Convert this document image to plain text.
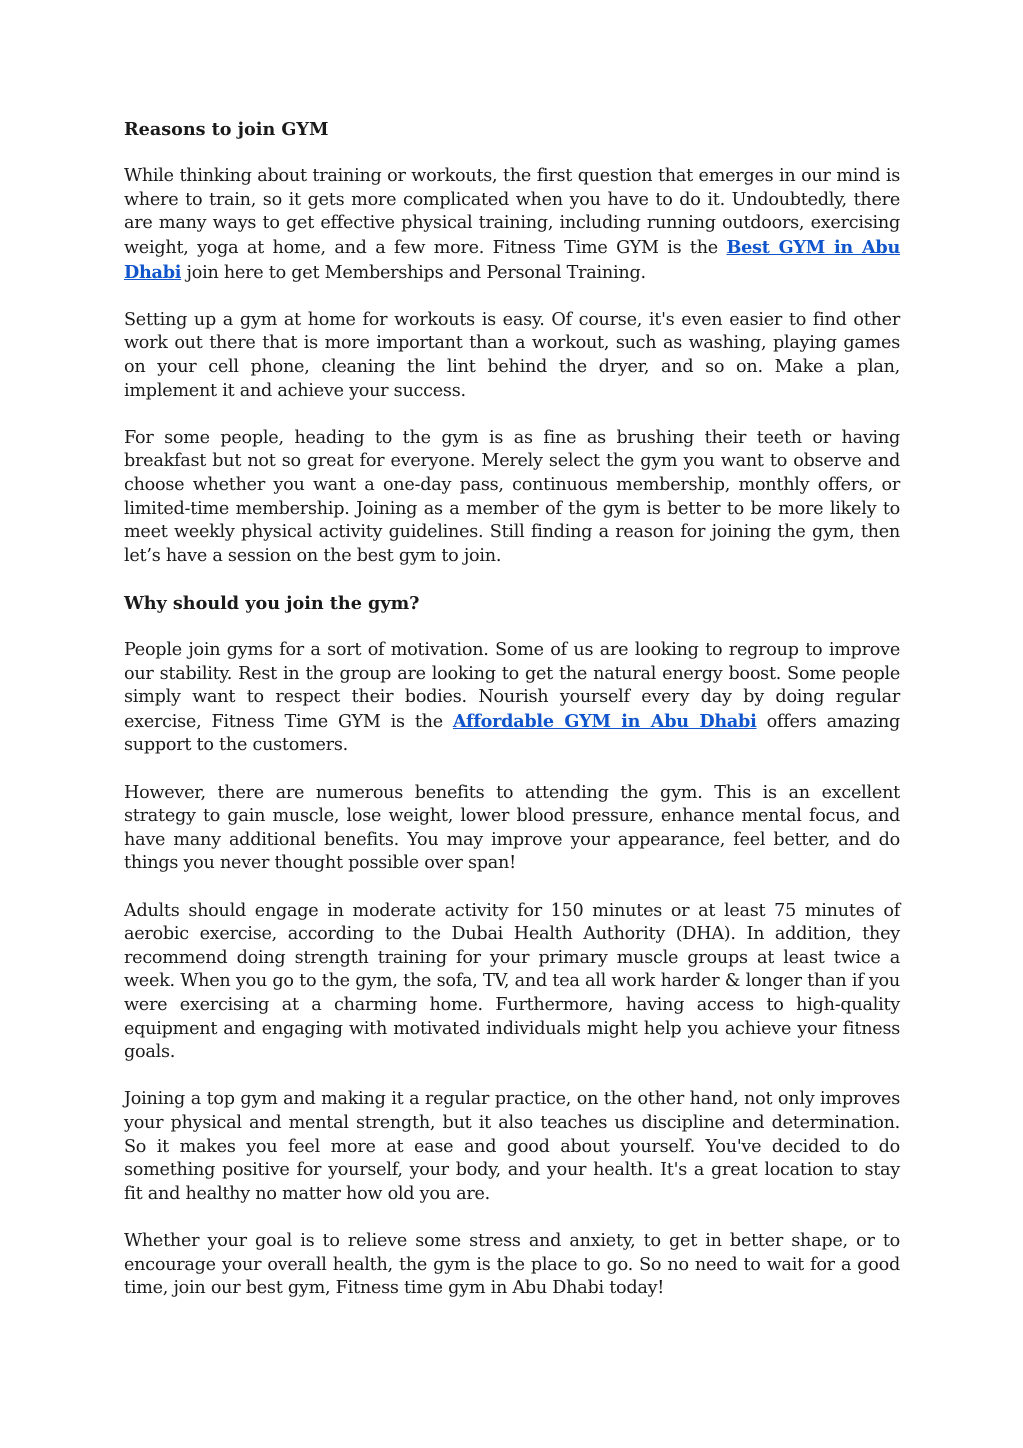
Reasons to join GYM

While thinking about training or workouts, the first question that emerges in our mind is where to train, so it gets more complicated when you have to do it. Undoubtedly, there are many ways to get effective physical training, including running outdoors, exercising weight, yoga at home, and a few more. Fitness Time GYM is the Best GYM in Abu Dhabi join here to get Memberships and Personal Training.

Setting up a gym at home for workouts is easy. Of course, it's even easier to find other work out there that is more important than a workout, such as washing, playing games on your cell phone, cleaning the lint behind the dryer, and so on. Make a plan, implement it and achieve your success.

For some people, heading to the gym is as fine as brushing their teeth or having breakfast but not so great for everyone. Merely select the gym you want to observe and choose whether you want a one-day pass, continuous membership, monthly offers, or limited-time membership. Joining as a member of the gym is better to be more likely to meet weekly physical activity guidelines. Still finding a reason for joining the gym, then let’s have a session on the best gym to join.

Why should you join the gym?

People join gyms for a sort of motivation. Some of us are looking to regroup to improve our stability. Rest in the group are looking to get the natural energy boost. Some people simply want to respect their bodies. Nourish yourself every day by doing regular exercise, Fitness Time GYM is the Affordable GYM in Abu Dhabi offers amazing support to the customers.

However, there are numerous benefits to attending the gym. This is an excellent strategy to gain muscle, lose weight, lower blood pressure, enhance mental focus, and have many additional benefits. You may improve your appearance, feel better, and do things you never thought possible over span!

Adults should engage in moderate activity for 150 minutes or at least 75 minutes of aerobic exercise, according to the Dubai Health Authority (DHA). In addition, they recommend doing strength training for your primary muscle groups at least twice a week. When you go to the gym, the sofa, TV, and tea all work harder & longer than if you were exercising at a charming home. Furthermore, having access to high-quality equipment and engaging with motivated individuals might help you achieve your fitness goals.

Joining a top gym and making it a regular practice, on the other hand, not only improves your physical and mental strength, but it also teaches us discipline and determination. So it makes you feel more at ease and good about yourself. You've decided to do something positive for yourself, your body, and your health. It's a great location to stay fit and healthy no matter how old you are.

Whether your goal is to relieve some stress and anxiety, to get in better shape, or to encourage your overall health, the gym is the place to go. So no need to wait for a good time, join our best gym, Fitness time gym in Abu Dhabi today!
